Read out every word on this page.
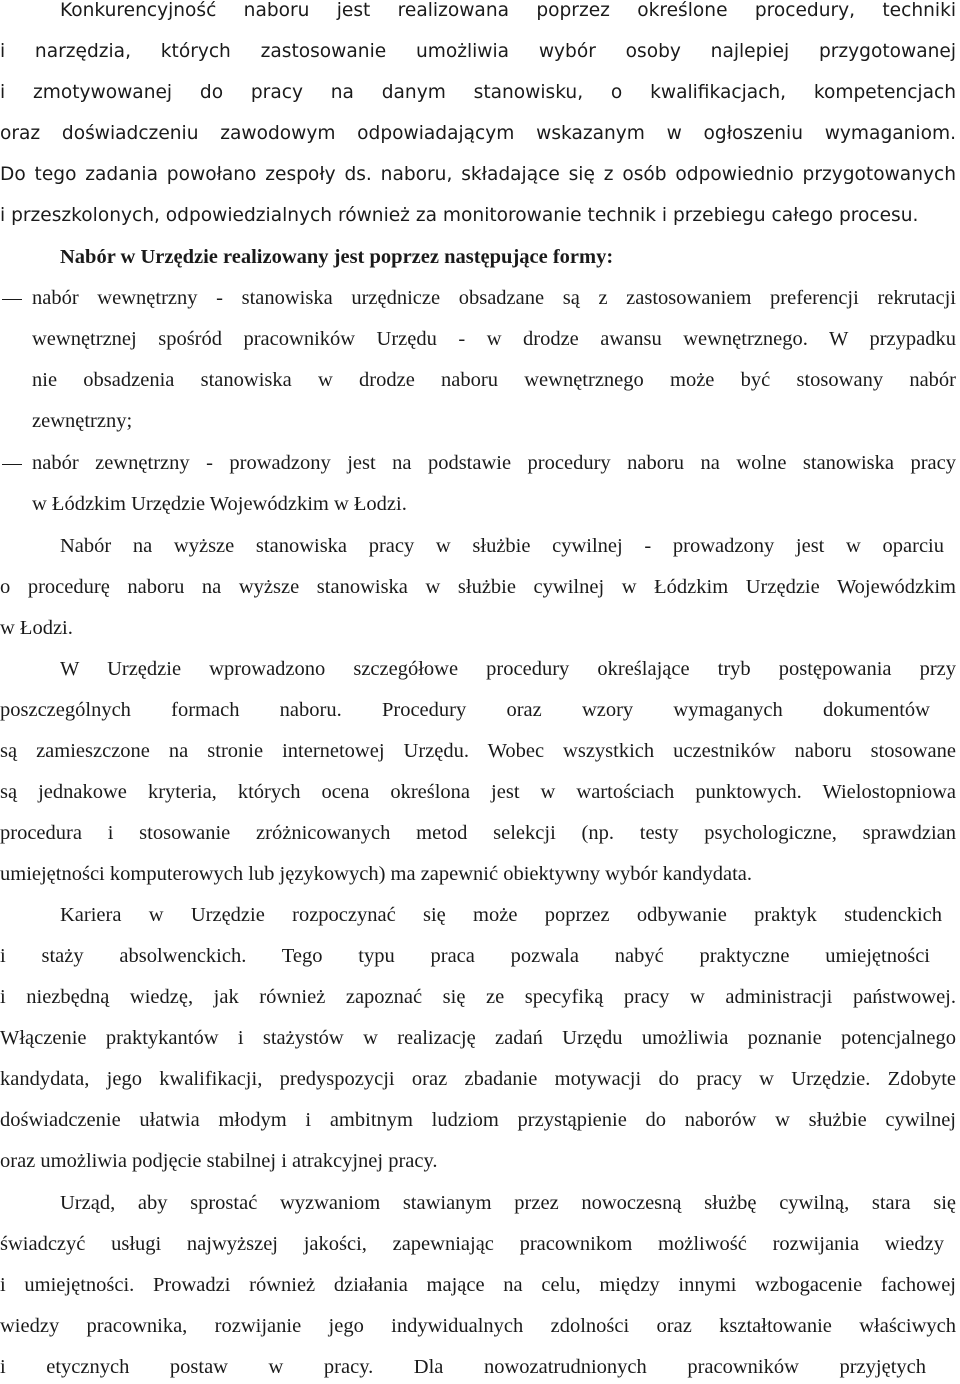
Konkurencyjność naboru jest realizowana poprzez określone procedury, techniki
i narzędzia, których zastosowanie umożliwia wybór osoby najlepiej przygotowanej
i zmotywowanej do pracy na danym stanowisku, o kwalifikacjach, kompetencjach
oraz doświadczeniu zawodowym odpowiadającym wskazanym w ogłoszeniu wymaganiom.
Do tego zadania powołano zespoły ds. naboru, składające się z osób odpowiednio przygotowanych
i przeszkolonych, odpowiedzialnych również za monitorowanie technik i przebiegu całego procesu.
Nabór w Urzędzie realizowany jest poprzez następujące formy:
nabór wewnętrzny - stanowiska urzędnicze obsadzane są z zastosowaniem preferencji rekrutacji
wewnętrznej spośród pracowników Urzędu - w drodze awansu wewnętrznego. W przypadku
nie obsadzenia stanowiska w drodze naboru wewnętrznego może być stosowany nabór
zewnętrzny;
nabór zewnętrzny - prowadzony jest na podstawie procedury naboru na wolne stanowiska pracy
w Łódzkim Urzędzie Wojewódzkim w Łodzi.
Nabór na wyższe stanowiska pracy w służbie cywilnej - prowadzony jest w oparciu
o procedurę naboru na wyższe stanowiska w służbie cywilnej w Łódzkim Urzędzie Wojewódzkim
w Łodzi.
W Urzędzie wprowadzono szczegółowe procedury określające tryb postępowania przy
poszczególnych formach naboru. Procedury oraz wzory wymaganych dokumentów
są zamieszczone na stronie internetowej Urzędu. Wobec wszystkich uczestników naboru stosowane
są jednakowe kryteria, których ocena określona jest w wartościach punktowych. Wielostopniowa
procedura i stosowanie zróżnicowanych metod selekcji (np. testy psychologiczne, sprawdzian
umiejętności komputerowych lub językowych) ma zapewnić obiektywny wybór kandydata.
Kariera w Urzędzie rozpoczynać się może poprzez odbywanie praktyk studenckich
i staży absolwenckich. Tego typu praca pozwala nabyć praktyczne umiejętności
i niezbędną wiedzę, jak również zapoznać się ze specyfiką pracy w administracji państwowej.
Włączenie praktykantów i stażystów w realizację zadań Urzędu umożliwia poznanie potencjalnego
kandydata, jego kwalifikacji, predyspozycji oraz zbadanie motywacji do pracy w Urzędzie. Zdobyte
doświadczenie ułatwia młodym i ambitnym ludziom przystąpienie do naborów w służbie cywilnej
oraz umożliwia podjęcie stabilnej i atrakcyjnej pracy.
Urząd, aby sprostać wyzwaniom stawianym przez nowoczesną służbę cywilną, stara się
świadczyć usługi najwyższej jakości, zapewniając pracownikom możliwość rozwijania wiedzy
i umiejętności. Prowadzi również działania mające na celu, między innymi wzbogacenie fachowej
wiedzy pracownika, rozwijanie jego indywidualnych zdolności oraz kształtowanie właściwych
i etycznych postaw w pracy. Dla nowozatrudnionych pracowników przyjętych
